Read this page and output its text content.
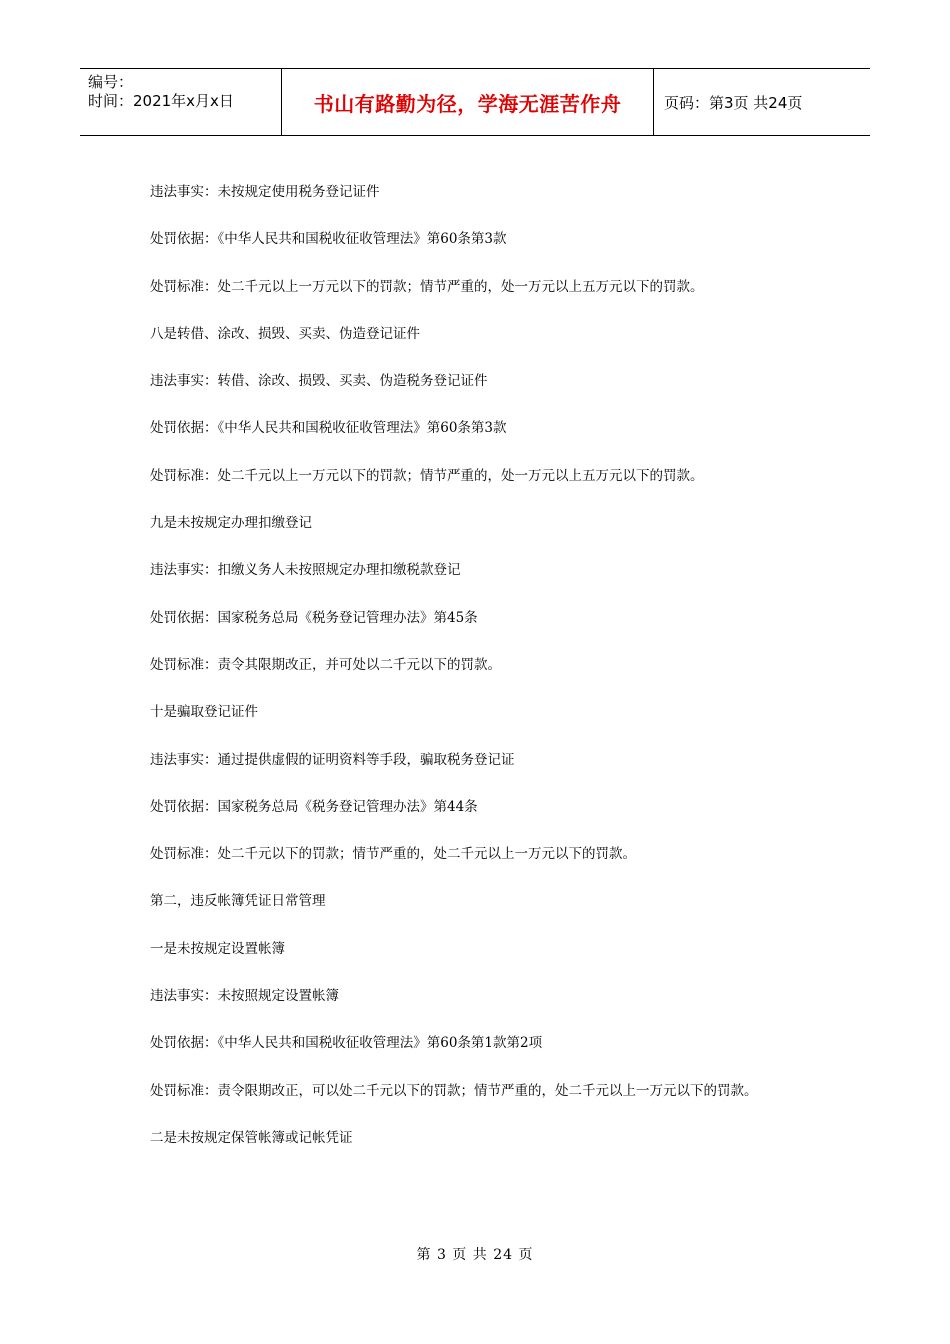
编号：
时间：2021年x月x日	书山有路勤为径，学海无涯苦作舟	页码：第3页 共24页

违法事实：未按规定使用税务登记证件

处罚依据：《中华人民共和国税收征收管理法》第60条第3款

处罚标准：处二千元以上一万元以下的罚款；情节严重的，处一万元以上五万元以下的罚款。

八是转借、涂改、损毁、买卖、伪造登记证件

违法事实：转借、涂改、损毁、买卖、伪造税务登记证件

处罚依据：《中华人民共和国税收征收管理法》第60条第3款

处罚标准：处二千元以上一万元以下的罚款；情节严重的，处一万元以上五万元以下的罚款。

九是未按规定办理扣缴登记

违法事实：扣缴义务人未按照规定办理扣缴税款登记

处罚依据：国家税务总局《税务登记管理办法》第45条

处罚标准：责令其限期改正，并可处以二千元以下的罚款。

十是骗取登记证件

违法事实：通过提供虚假的证明资料等手段，骗取税务登记证

处罚依据：国家税务总局《税务登记管理办法》第44条

处罚标准：处二千元以下的罚款；情节严重的，处二千元以上一万元以下的罚款。

第二，违反帐簿凭证日常管理

一是未按规定设置帐簿

违法事实：未按照规定设置帐簿

处罚依据：《中华人民共和国税收征收管理法》第60条第1款第2项

处罚标准：责令限期改正，可以处二千元以下的罚款；情节严重的，处二千元以上一万元以下的罚款。

二是未按规定保管帐簿或记帐凭证

第 3 页 共 24 页
